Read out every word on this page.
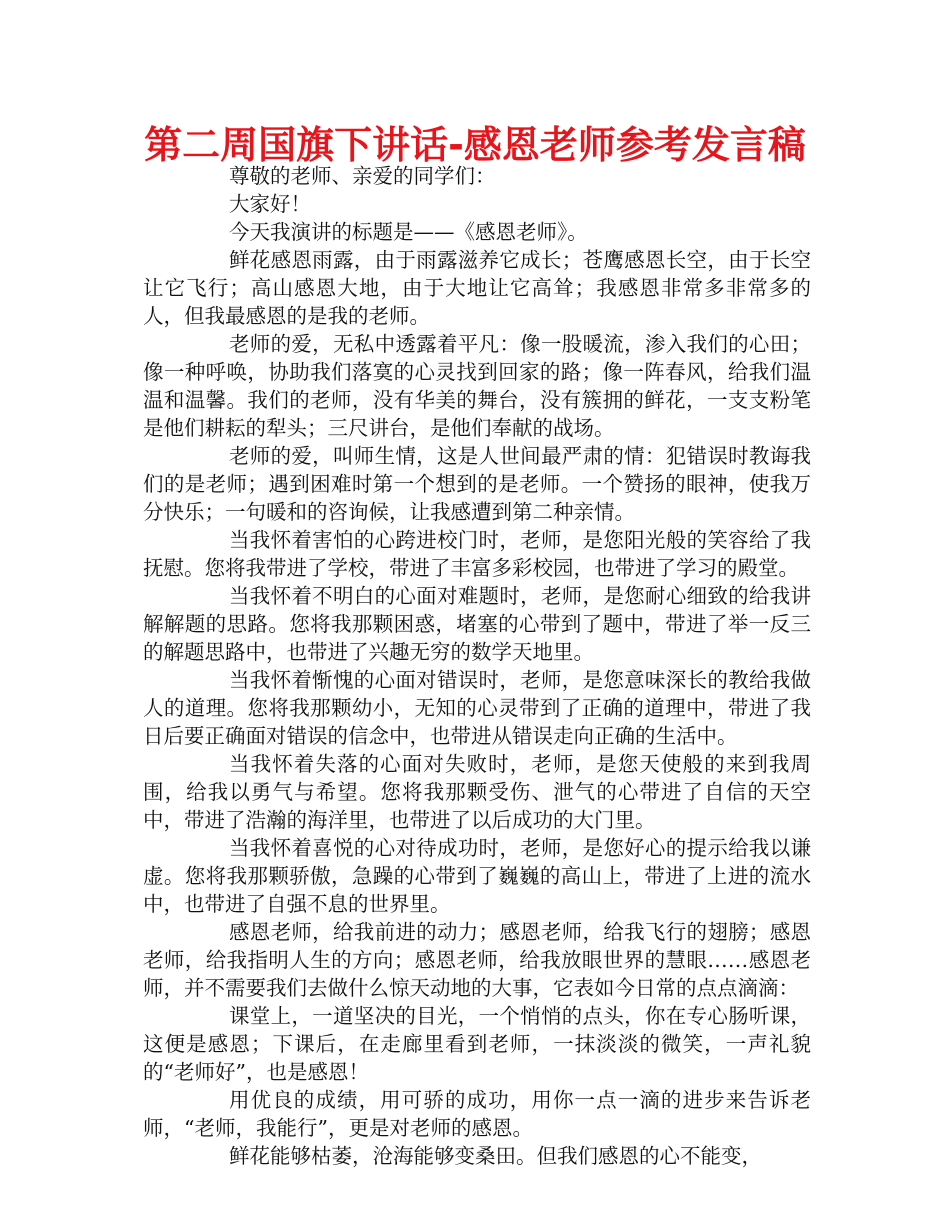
第二周国旗下讲话-感恩老师参考发言稿

尊敬的老师、亲爱的同学们：

大家好！

今天我演讲的标题是——《感恩老师》。

鲜花感恩雨露，由于雨露滋养它成长；苍鹰感恩长空，由于长空让它飞行；高山感恩大地，由于大地让它高耸；我感恩非常多非常多的人，但我最感恩的是我的老师。

老师的爱，无私中透露着平凡：像一股暖流，渗入我们的心田；像一种呼唤，协助我们落寞的心灵找到回家的路；像一阵春风，给我们温温和温馨。我们的老师，没有华美的舞台，没有簇拥的鲜花，一支支粉笔是他们耕耘的犁头；三尺讲台，是他们奉献的战场。

老师的爱，叫师生情，这是人世间最严肃的情：犯错误时教诲我们的是老师；遇到困难时第一个想到的是老师。一个赞扬的眼神，使我万分快乐；一句暖和的咨询候，让我感遭到第二种亲情。

当我怀着害怕的心跨进校门时，老师，是您阳光般的笑容给了我抚慰。您将我带进了学校，带进了丰富多彩校园，也带进了学习的殿堂。

当我怀着不明白的心面对难题时，老师，是您耐心细致的给我讲解解题的思路。您将我那颗困惑，堵塞的心带到了题中，带进了举一反三的解题思路中，也带进了兴趣无穷的数学天地里。

当我怀着惭愧的心面对错误时，老师，是您意味深长的教给我做人的道理。您将我那颗幼小，无知的心灵带到了正确的道理中，带进了我日后要正确面对错误的信念中，也带进从错误走向正确的生活中。

当我怀着失落的心面对失败时，老师，是您天使般的来到我周围，给我以勇气与希望。您将我那颗受伤、泄气的心带进了自信的天空中，带进了浩瀚的海洋里，也带进了以后成功的大门里。

当我怀着喜悦的心对待成功时，老师，是您好心的提示给我以谦虚。您将我那颗骄傲，急躁的心带到了巍巍的高山上，带进了上进的流水中，也带进了自强不息的世界里。

感恩老师，给我前进的动力；感恩老师，给我飞行的翅膀；感恩老师，给我指明人生的方向；感恩老师，给我放眼世界的慧眼……感恩老师，并不需要我们去做什么惊天动地的大事，它表如今日常的点点滴滴：

课堂上，一道坚决的目光，一个悄悄的点头，你在专心肠听课，这便是感恩；下课后，在走廊里看到老师，一抹淡淡的微笑，一声礼貌的“老师好”，也是感恩！

用优良的成绩，用可骄的成功，用你一点一滴的进步来告诉老师，“老师，我能行”，更是对老师的感恩。

鲜花能够枯萎，沧海能够变桑田。但我们感恩的心不能变，
